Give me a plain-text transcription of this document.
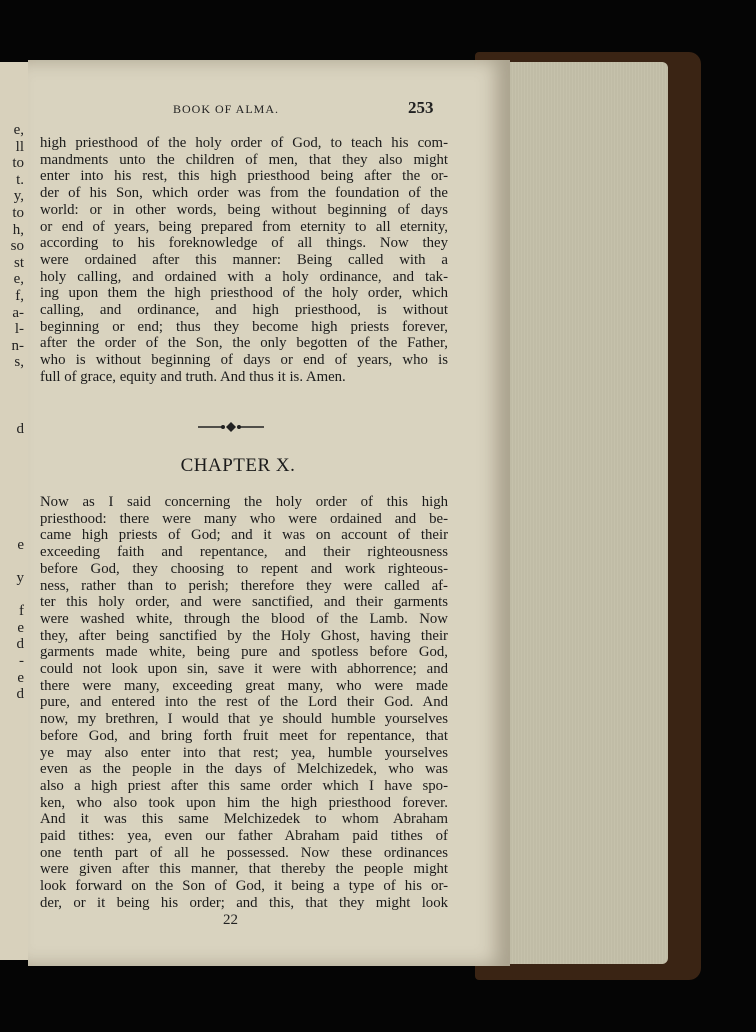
e,
ll
to
t.
y,
to
h,
so
st
e,
f,
a-
l-
n-
s,
d
e
y
f
e
d
-
e
d
BOOK OF ALMA.	253
high priesthood of the holy order of God, to teach his com-
mandments unto the children of men, that they also might
enter into his rest, this high priesthood being after the or-
der of his Son, which order was from the foundation of the
world: or in other words, being without beginning of days
or end of years, being prepared from eternity to all eternity,
according to his foreknowledge of all things. Now they
were ordained after this manner: Being called with a
holy calling, and ordained with a holy ordinance, and tak-
ing upon them the high priesthood of the holy order, which
calling, and ordinance, and high priesthood, is without
beginning or end; thus they become high priests forever,
after the order of the Son, the only begotten of the Father,
who is without beginning of days or end of years, who is
full of grace, equity and truth. And thus it is. Amen.
CHAPTER X.
Now as I said concerning the holy order of this high
priesthood: there were many who were ordained and be-
came high priests of God; and it was on account of their
exceeding faith and repentance, and their righteousness
before God, they choosing to repent and work righteous-
ness, rather than to perish; therefore they were called af-
ter this holy order, and were sanctified, and their garments
were washed white, through the blood of the Lamb. Now
they, after being sanctified by the Holy Ghost, having their
garments made white, being pure and spotless before God,
could not look upon sin, save it were with abhorrence; and
there were many, exceeding great many, who were made
pure, and entered into the rest of the Lord their God. And
now, my brethren, I would that ye should humble yourselves
before God, and bring forth fruit meet for repentance, that
ye may also enter into that rest; yea, humble yourselves
even as the people in the days of Melchizedek, who was
also a high priest after this same order which I have spo-
ken, who also took upon him the high priesthood forever.
And it was this same Melchizedek to whom Abraham
paid tithes: yea, even our father Abraham paid tithes of
one tenth part of all he possessed. Now these ordinances
were given after this manner, that thereby the people might
look forward on the Son of God, it being a type of his or-
der, or it being his order; and this, that they might look
22
